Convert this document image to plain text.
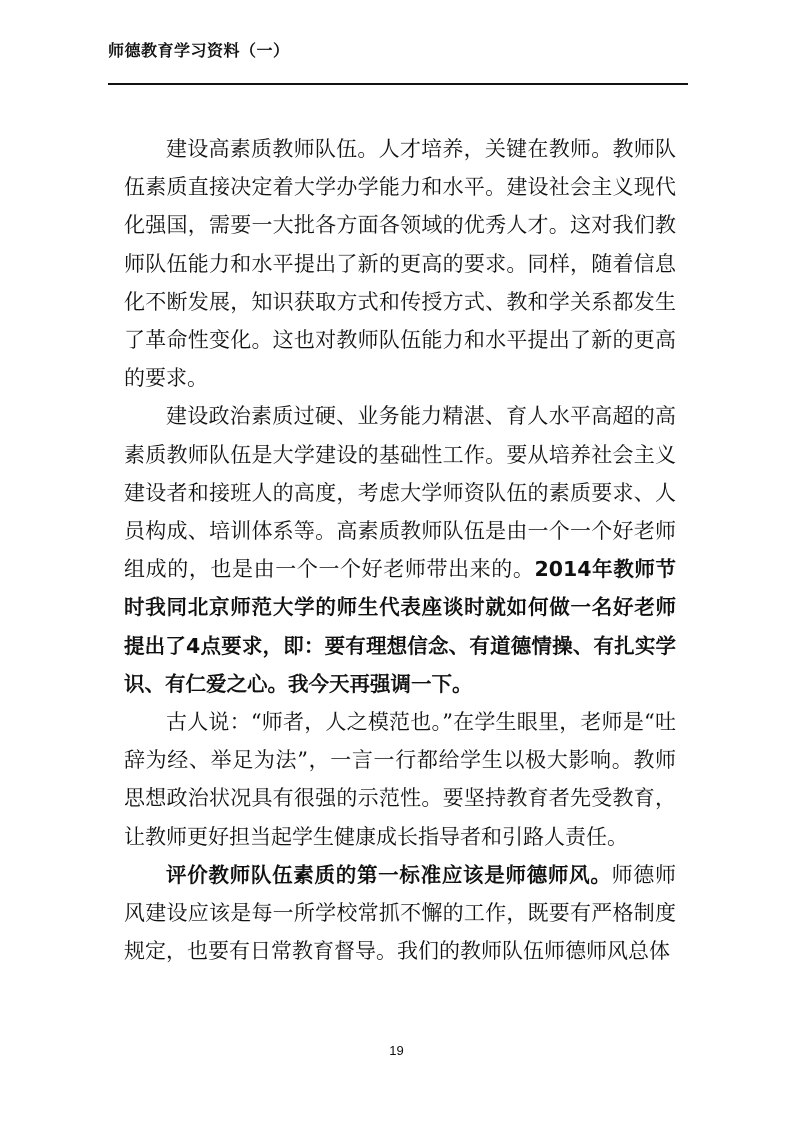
师德教育学习资料（一）

建设高素质教师队伍。人才培养，关键在教师。教师队伍素质直接决定着大学办学能力和水平。建设社会主义现代化强国，需要一大批各方面各领域的优秀人才。这对我们教师队伍能力和水平提出了新的更高的要求。同样，随着信息化不断发展，知识获取方式和传授方式、教和学关系都发生了革命性变化。这也对教师队伍能力和水平提出了新的更高的要求。

建设政治素质过硬、业务能力精湛、育人水平高超的高素质教师队伍是大学建设的基础性工作。要从培养社会主义建设者和接班人的高度，考虑大学师资队伍的素质要求、人员构成、培训体系等。高素质教师队伍是由一个一个好老师组成的，也是由一个一个好老师带出来的。2014年教师节时我同北京师范大学的师生代表座谈时就如何做一名好老师提出了4点要求，即：要有理想信念、有道德情操、有扎实学识、有仁爱之心。我今天再强调一下。

古人说：“师者，人之模范也。”在学生眼里，老师是“吐辞为经、举足为法”，一言一行都给学生以极大影响。教师思想政治状况具有很强的示范性。要坚持教育者先受教育，让教师更好担当起学生健康成长指导者和引路人责任。

评价教师队伍素质的第一标准应该是师德师风。师德师风建设应该是每一所学校常抓不懈的工作，既要有严格制度规定，也要有日常教育督导。我们的教师队伍师德师风总体

19
